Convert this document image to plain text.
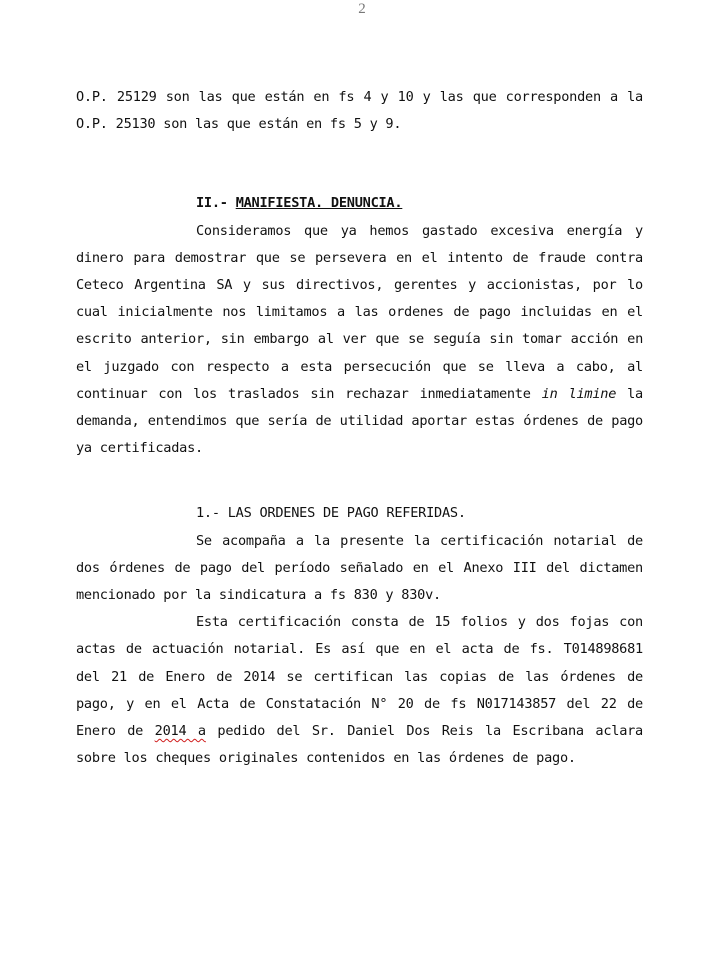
2

O.P. 25129 son las que están en fs 4 y 10 y las que corresponden a la O.P. 25130 son las que están en fs 5 y 9.

II.- MANIFIESTA. DENUNCIA.

Consideramos que ya hemos gastado excesiva energía y dinero para demostrar que se persevera en el intento de fraude contra Ceteco Argentina SA y sus directivos, gerentes y accionistas, por lo cual inicialmente nos limitamos a las ordenes de pago incluidas en el escrito anterior, sin embargo al ver que se seguía sin tomar acción en el juzgado con respecto a esta persecución que se lleva a cabo, al continuar con los traslados sin rechazar inmediatamente in limine la demanda, entendimos que sería de utilidad aportar estas órdenes de pago ya certificadas.

1.- LAS ORDENES DE PAGO REFERIDAS.

Se acompaña a la presente la certificación notarial de dos órdenes de pago del período señalado en el Anexo III del dictamen mencionado por la sindicatura a fs 830 y 830v.

Esta certificación consta de 15 folios y dos fojas con actas de actuación notarial. Es así que en el acta de fs. T014898681 del 21 de Enero de 2014 se certifican las copias de las órdenes de pago, y en el Acta de Constatación N° 20 de fs N017143857 del 22 de Enero de 2014 a pedido del Sr. Daniel Dos Reis la Escribana aclara sobre los cheques originales contenidos en las órdenes de pago.
